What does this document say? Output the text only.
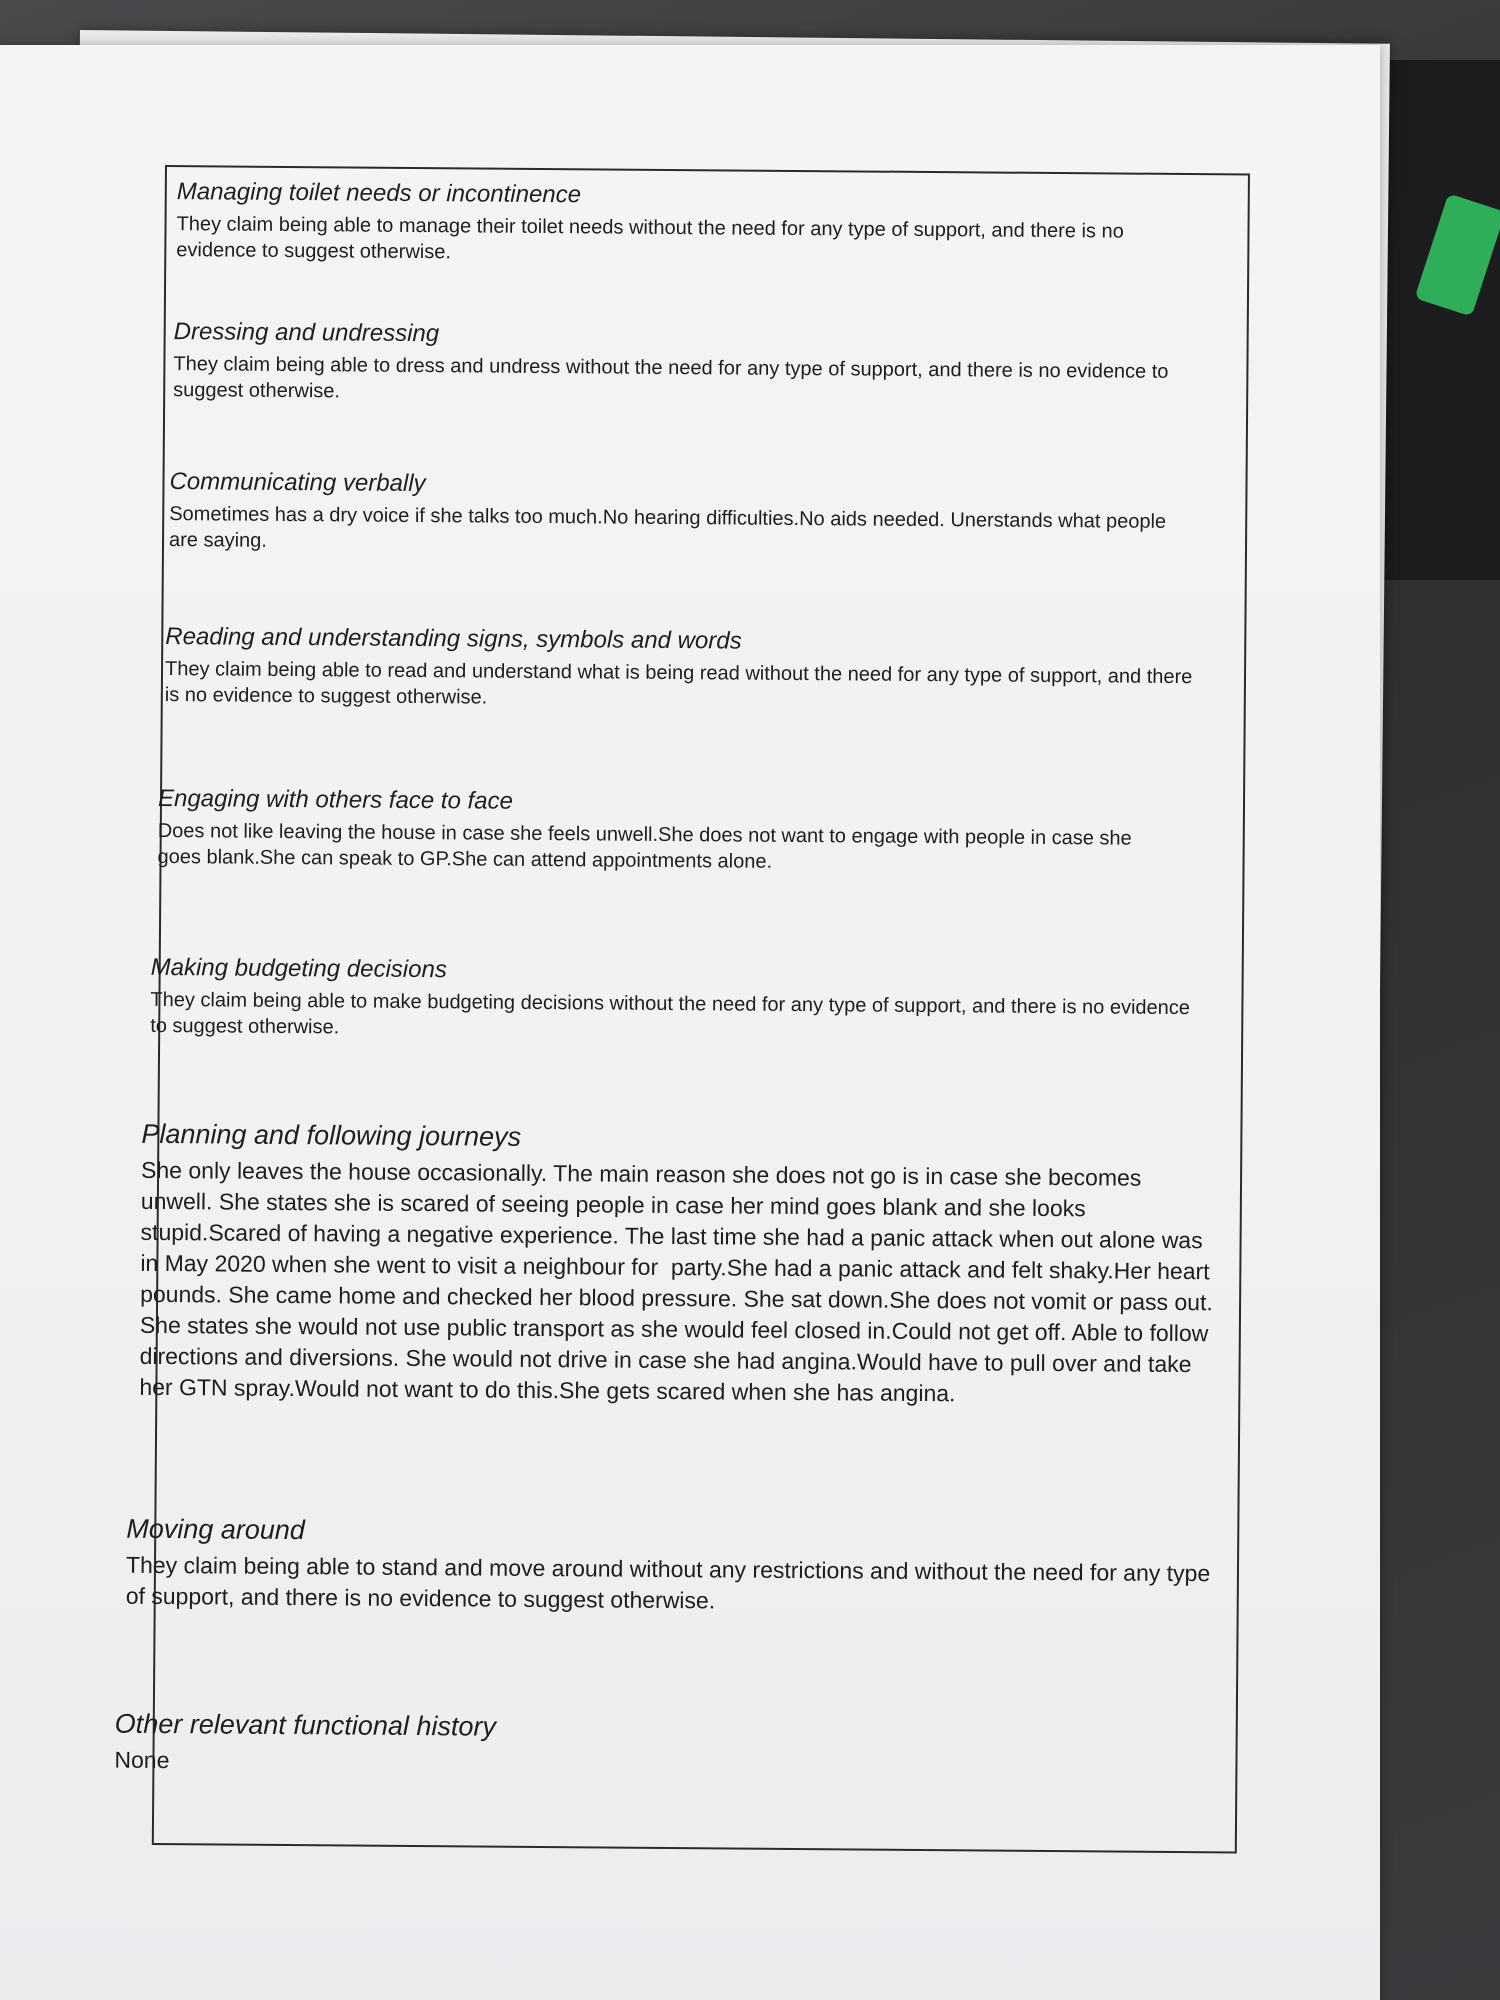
Managing toilet needs or incontinence

They claim being able to manage their toilet needs without the need for any type of support, and there is no evidence to suggest otherwise.

Dressing and undressing

They claim being able to dress and undress without the need for any type of support, and there is no evidence to suggest otherwise.

Communicating verbally

Sometimes has a dry voice if she talks too much.No hearing difficulties.No aids needed. Unerstands what people are saying.

Reading and understanding signs, symbols and words

They claim being able to read and understand what is being read without the need for any type of support, and there is no evidence to suggest otherwise.

Engaging with others face to face

Does not like leaving the house in case she feels unwell.She does not want to engage with people in case she goes blank.She can speak to GP.She can attend appointments alone.

Making budgeting decisions

They claim being able to make budgeting decisions without the need for any type of support, and there is no evidence to suggest otherwise.

Planning and following journeys

She only leaves the house occasionally. The main reason she does not go is in case she becomes unwell. She states she is scared of seeing people in case her mind goes blank and she looks stupid.Scared of having a negative experience. The last time she had a panic attack when out alone was in May 2020 when she went to visit a neighbour for  party.She had a panic attack and felt shaky.Her heart pounds. She came home and checked her blood pressure. She sat down.She does not vomit or pass out.
She states she would not use public transport as she would feel closed in.Could not get off. Able to follow directions and diversions. She would not drive in case she had angina.Would have to pull over and take her GTN spray.Would not want to do this.She gets scared when she has angina.

Moving around

They claim being able to stand and move around without any restrictions and without the need for any type of support, and there is no evidence to suggest otherwise.

Other relevant functional history

None
